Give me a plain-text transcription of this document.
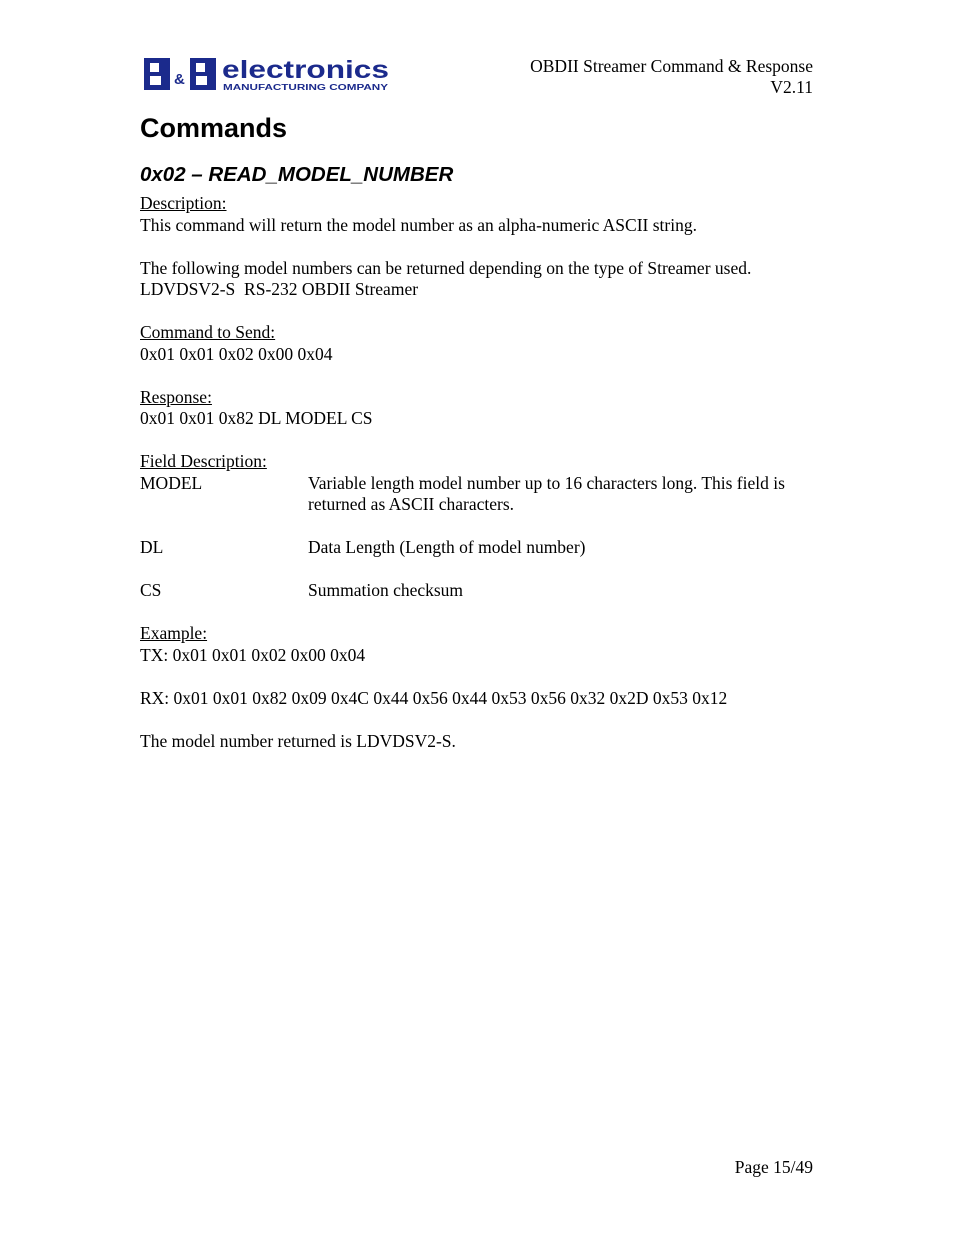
& electronics
MANUFACTURING COMPANY
OBDII Streamer Command & Response
V2.11
Commands
0x02 – READ_MODEL_NUMBER

Description:

This command will return the model number as an alpha-numeric ASCII string.

The following model numbers can be returned depending on the type of Streamer used.

LDVDSV2-S  RS-232 OBDII Streamer

Command to Send:

0x01 0x01 0x02 0x00 0x04

Response:

0x01 0x01 0x82 DL MODEL CS

Field Description:

MODEL	Variable length model number up to 16 characters long. This field is returned as ASCII characters.
DL	Data Length (Length of model number)
CS	Summation checksum

Example:

TX: 0x01 0x01 0x02 0x00 0x04

RX: 0x01 0x01 0x82 0x09 0x4C 0x44 0x56 0x44 0x53 0x56 0x32 0x2D 0x53 0x12

The model number returned is LDVDSV2-S.

Page 15/49
